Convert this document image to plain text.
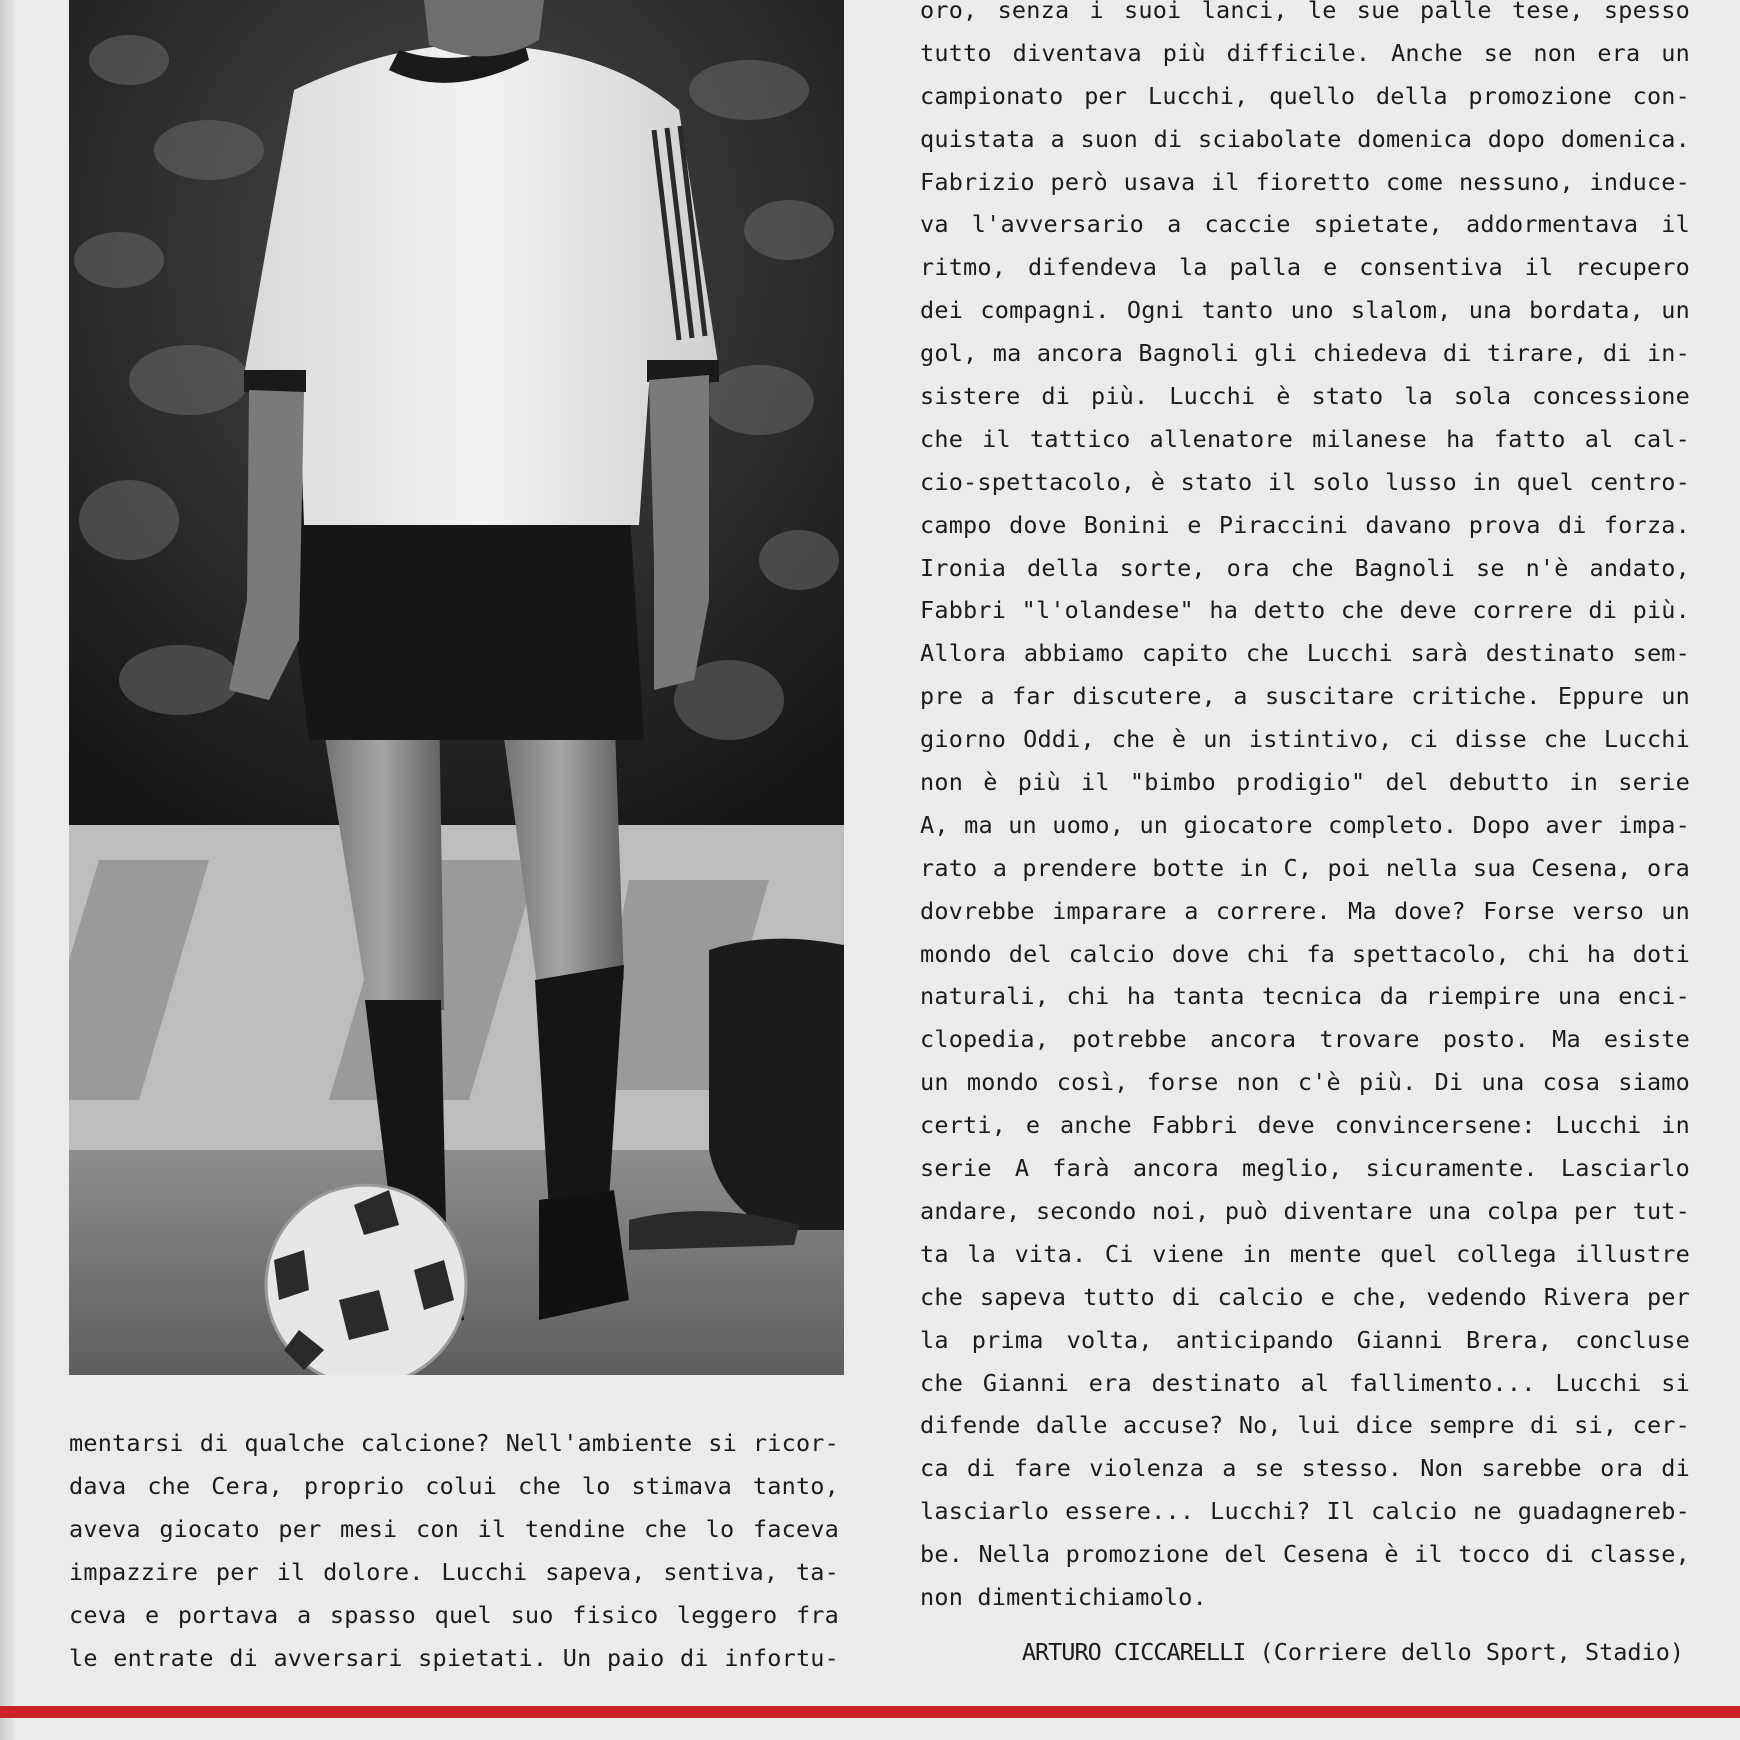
mentarsi di qualche calcione? Nell'ambiente si ricor-
dava che Cera, proprio colui che lo stimava tanto,
aveva giocato per mesi con il tendine che lo faceva
impazzire per il dolore. Lucchi sapeva, sentiva, ta-
ceva e portava a spasso quel suo fisico leggero fra
le entrate di avversari spietati. Un paio di infortu-
oro, senza i suoi lanci, le sue palle tese, spesso
tutto diventava più difficile. Anche se non era un
campionato per Lucchi, quello della promozione con-
quistata a suon di sciabolate domenica dopo domenica.
Fabrizio però usava il fioretto come nessuno, induce-
va l'avversario a caccie spietate, addormentava il
ritmo, difendeva la palla e consentiva il recupero
dei compagni. Ogni tanto uno slalom, una bordata, un
gol, ma ancora Bagnoli gli chiedeva di tirare, di in-
sistere di più. Lucchi è stato la sola concessione
che il tattico allenatore milanese ha fatto al cal-
cio-spettacolo, è stato il solo lusso in quel centro-
campo dove Bonini e Piraccini davano prova di forza.
Ironia della sorte, ora che Bagnoli se n'è andato,
Fabbri "l'olandese" ha detto che deve correre di più.
Allora abbiamo capito che Lucchi sarà destinato sem-
pre a far discutere, a suscitare critiche. Eppure un
giorno Oddi, che è un istintivo, ci disse che Lucchi
non è più il "bimbo prodigio" del debutto in serie
A, ma un uomo, un giocatore completo. Dopo aver impa-
rato a prendere botte in C, poi nella sua Cesena, ora
dovrebbe imparare a correre. Ma dove? Forse verso un
mondo del calcio dove chi fa spettacolo, chi ha doti
naturali, chi ha tanta tecnica da riempire una enci-
clopedia, potrebbe ancora trovare posto. Ma esiste
un mondo così, forse non c'è più. Di una cosa siamo
certi, e anche Fabbri deve convincersene: Lucchi in
serie A farà ancora meglio, sicuramente. Lasciarlo
andare, secondo noi, può diventare una colpa per tut-
ta la vita. Ci viene in mente quel collega illustre
che sapeva tutto di calcio e che, vedendo Rivera per
la prima volta, anticipando Gianni Brera, concluse
che Gianni era destinato al fallimento... Lucchi si
difende dalle accuse? No, lui dice sempre di si, cer-
ca di fare violenza a se stesso. Non sarebbe ora di
lasciarlo essere... Lucchi? Il calcio ne guadagnereb-
be. Nella promozione del Cesena è il tocco di classe,
non dimentichiamolo.
ARTURO CICCARELLI (Corriere dello Sport, Stadio)
